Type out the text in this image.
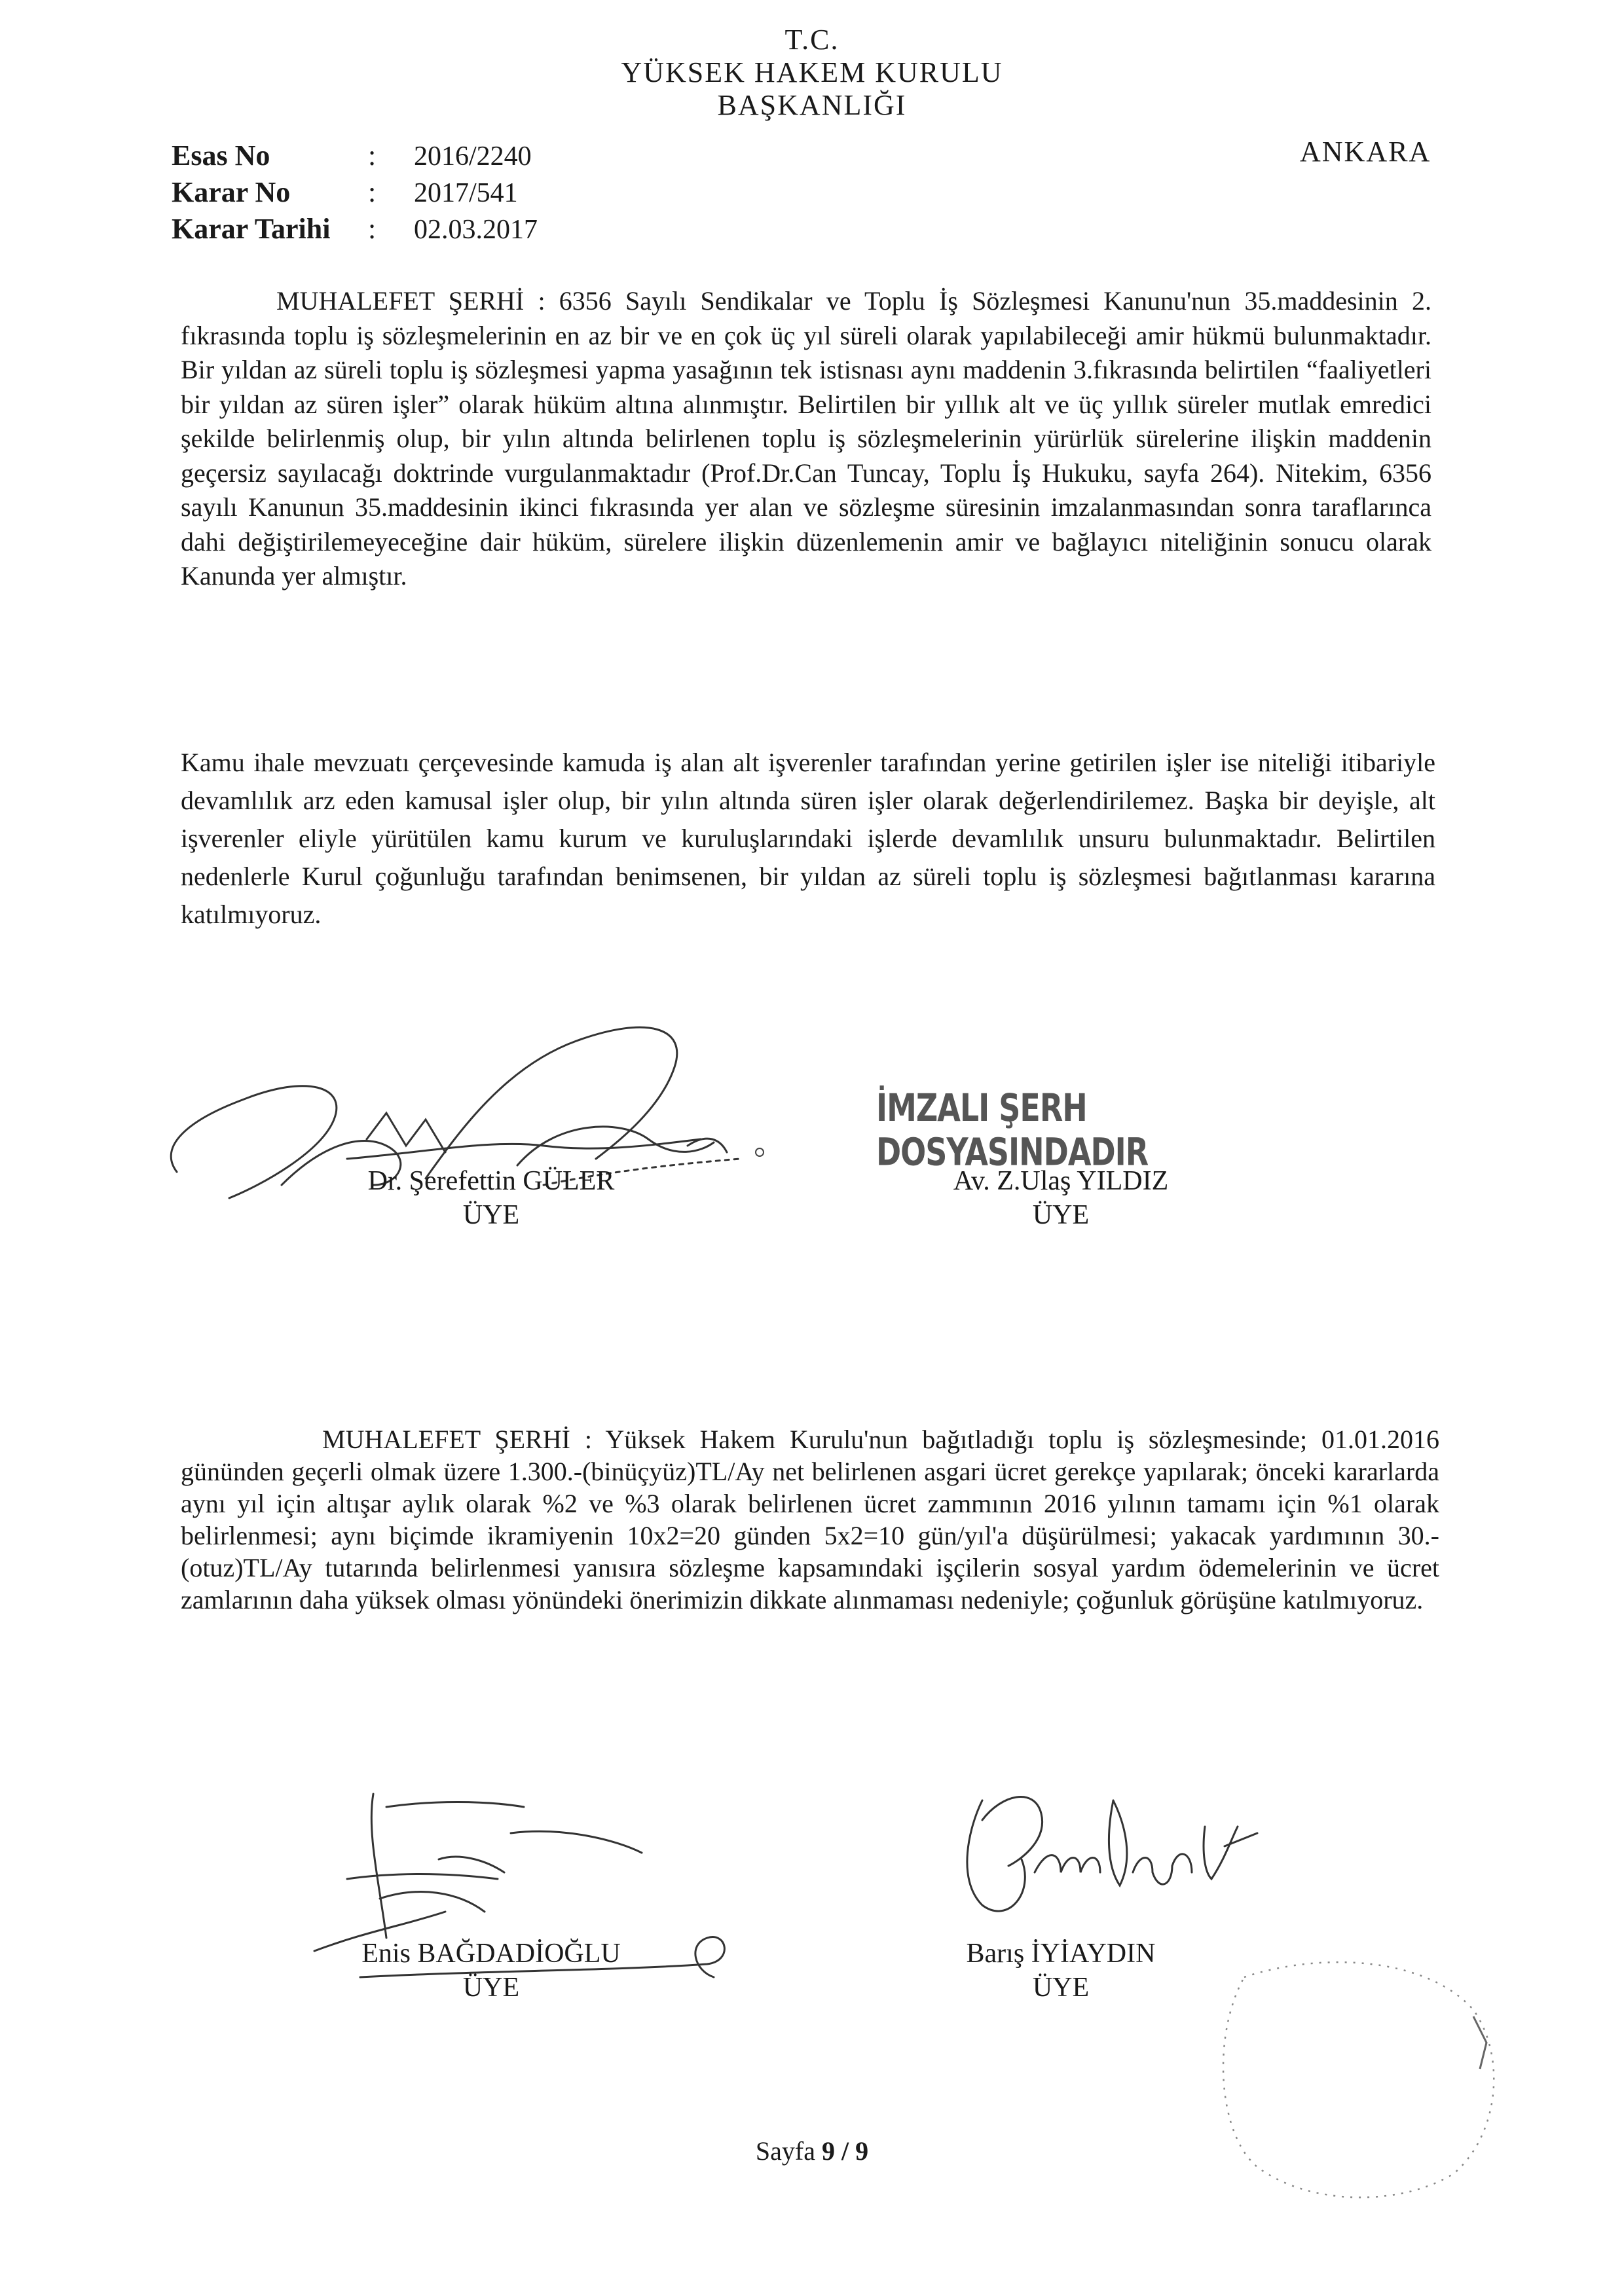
T.C.
YÜKSEK HAKEM KURULU
BAŞKANLIĞI
Esas No	:	2016/2240
Karar No	:	2017/541
Karar Tarihi	:	02.03.2017
ANKARA
MUHALEFET ŞERHİ : 6356 Sayılı Sendikalar ve Toplu İş Sözleşmesi Kanunu'nun 35.maddesinin 2. fıkrasında toplu iş sözleşmelerinin en az bir ve en çok üç yıl süreli olarak yapılabileceği amir hükmü bulunmaktadır. Bir yıldan az süreli toplu iş sözleşmesi yapma yasağının tek istisnası aynı maddenin 3.fıkrasında belirtilen “faaliyetleri bir yıldan az süren işler” olarak hüküm altına alınmıştır. Belirtilen bir yıllık alt ve üç yıllık süreler mutlak emredici şekilde belirlenmiş olup, bir yılın altında belirlenen toplu iş sözleşmelerinin yürürlük sürelerine ilişkin maddenin geçersiz sayılacağı doktrinde vurgulanmaktadır (Prof.Dr.Can Tuncay, Toplu İş Hukuku, sayfa 264). Nitekim, 6356 sayılı Kanunun 35.maddesinin ikinci fıkrasında yer alan ve sözleşme süresinin imzalanmasından sonra taraflarınca dahi değiştirilemeyeceğine dair hüküm, sürelere ilişkin düzenlemenin amir ve bağlayıcı niteliğinin sonucu olarak Kanunda yer almıştır.
Kamu ihale mevzuatı çerçevesinde kamuda iş alan alt işverenler tarafından yerine getirilen işler ise niteliği itibariyle devamlılık arz eden kamusal işler olup, bir yılın altında süren işler olarak değerlendirilemez. Başka bir deyişle, alt işverenler eliyle yürütülen kamu kurum ve kuruluşlarındaki işlerde devamlılık unsuru bulunmaktadır. Belirtilen nedenlerle Kurul çoğunluğu tarafından benimsenen, bir yıldan az süreli toplu iş sözleşmesi bağıtlanması kararına katılmıyoruz.
Dr. Şerefettin GÜLER
ÜYE
İMZALI ŞERH DOSYASINDADIR
Av. Z.Ulaş YILDIZ
ÜYE
MUHALEFET ŞERHİ : Yüksek Hakem Kurulu'nun bağıtladığı toplu iş sözleşmesinde; 01.01.2016 gününden geçerli olmak üzere 1.300.-(binüçyüz)TL/Ay net belirlenen asgari ücret gerekçe yapılarak; önceki kararlarda aynı yıl için altışar aylık olarak %2 ve %3 olarak belirlenen ücret zammının 2016 yılının tamamı için %1 olarak belirlenmesi; aynı biçimde ikramiyenin 10x2=20 günden 5x2=10 gün/yıl'a düşürülmesi; yakacak yardımının 30.-(otuz)TL/Ay tutarında belirlenmesi yanısıra sözleşme kapsamındaki işçilerin sosyal yardım ödemelerinin ve ücret zamlarının daha yüksek olması yönündeki önerimizin dikkate alınmaması nedeniyle; çoğunluk görüşüne katılmıyoruz.
Enis BAĞDADİOĞLU
ÜYE
Barış İYİAYDIN
ÜYE
Sayfa 9 / 9
